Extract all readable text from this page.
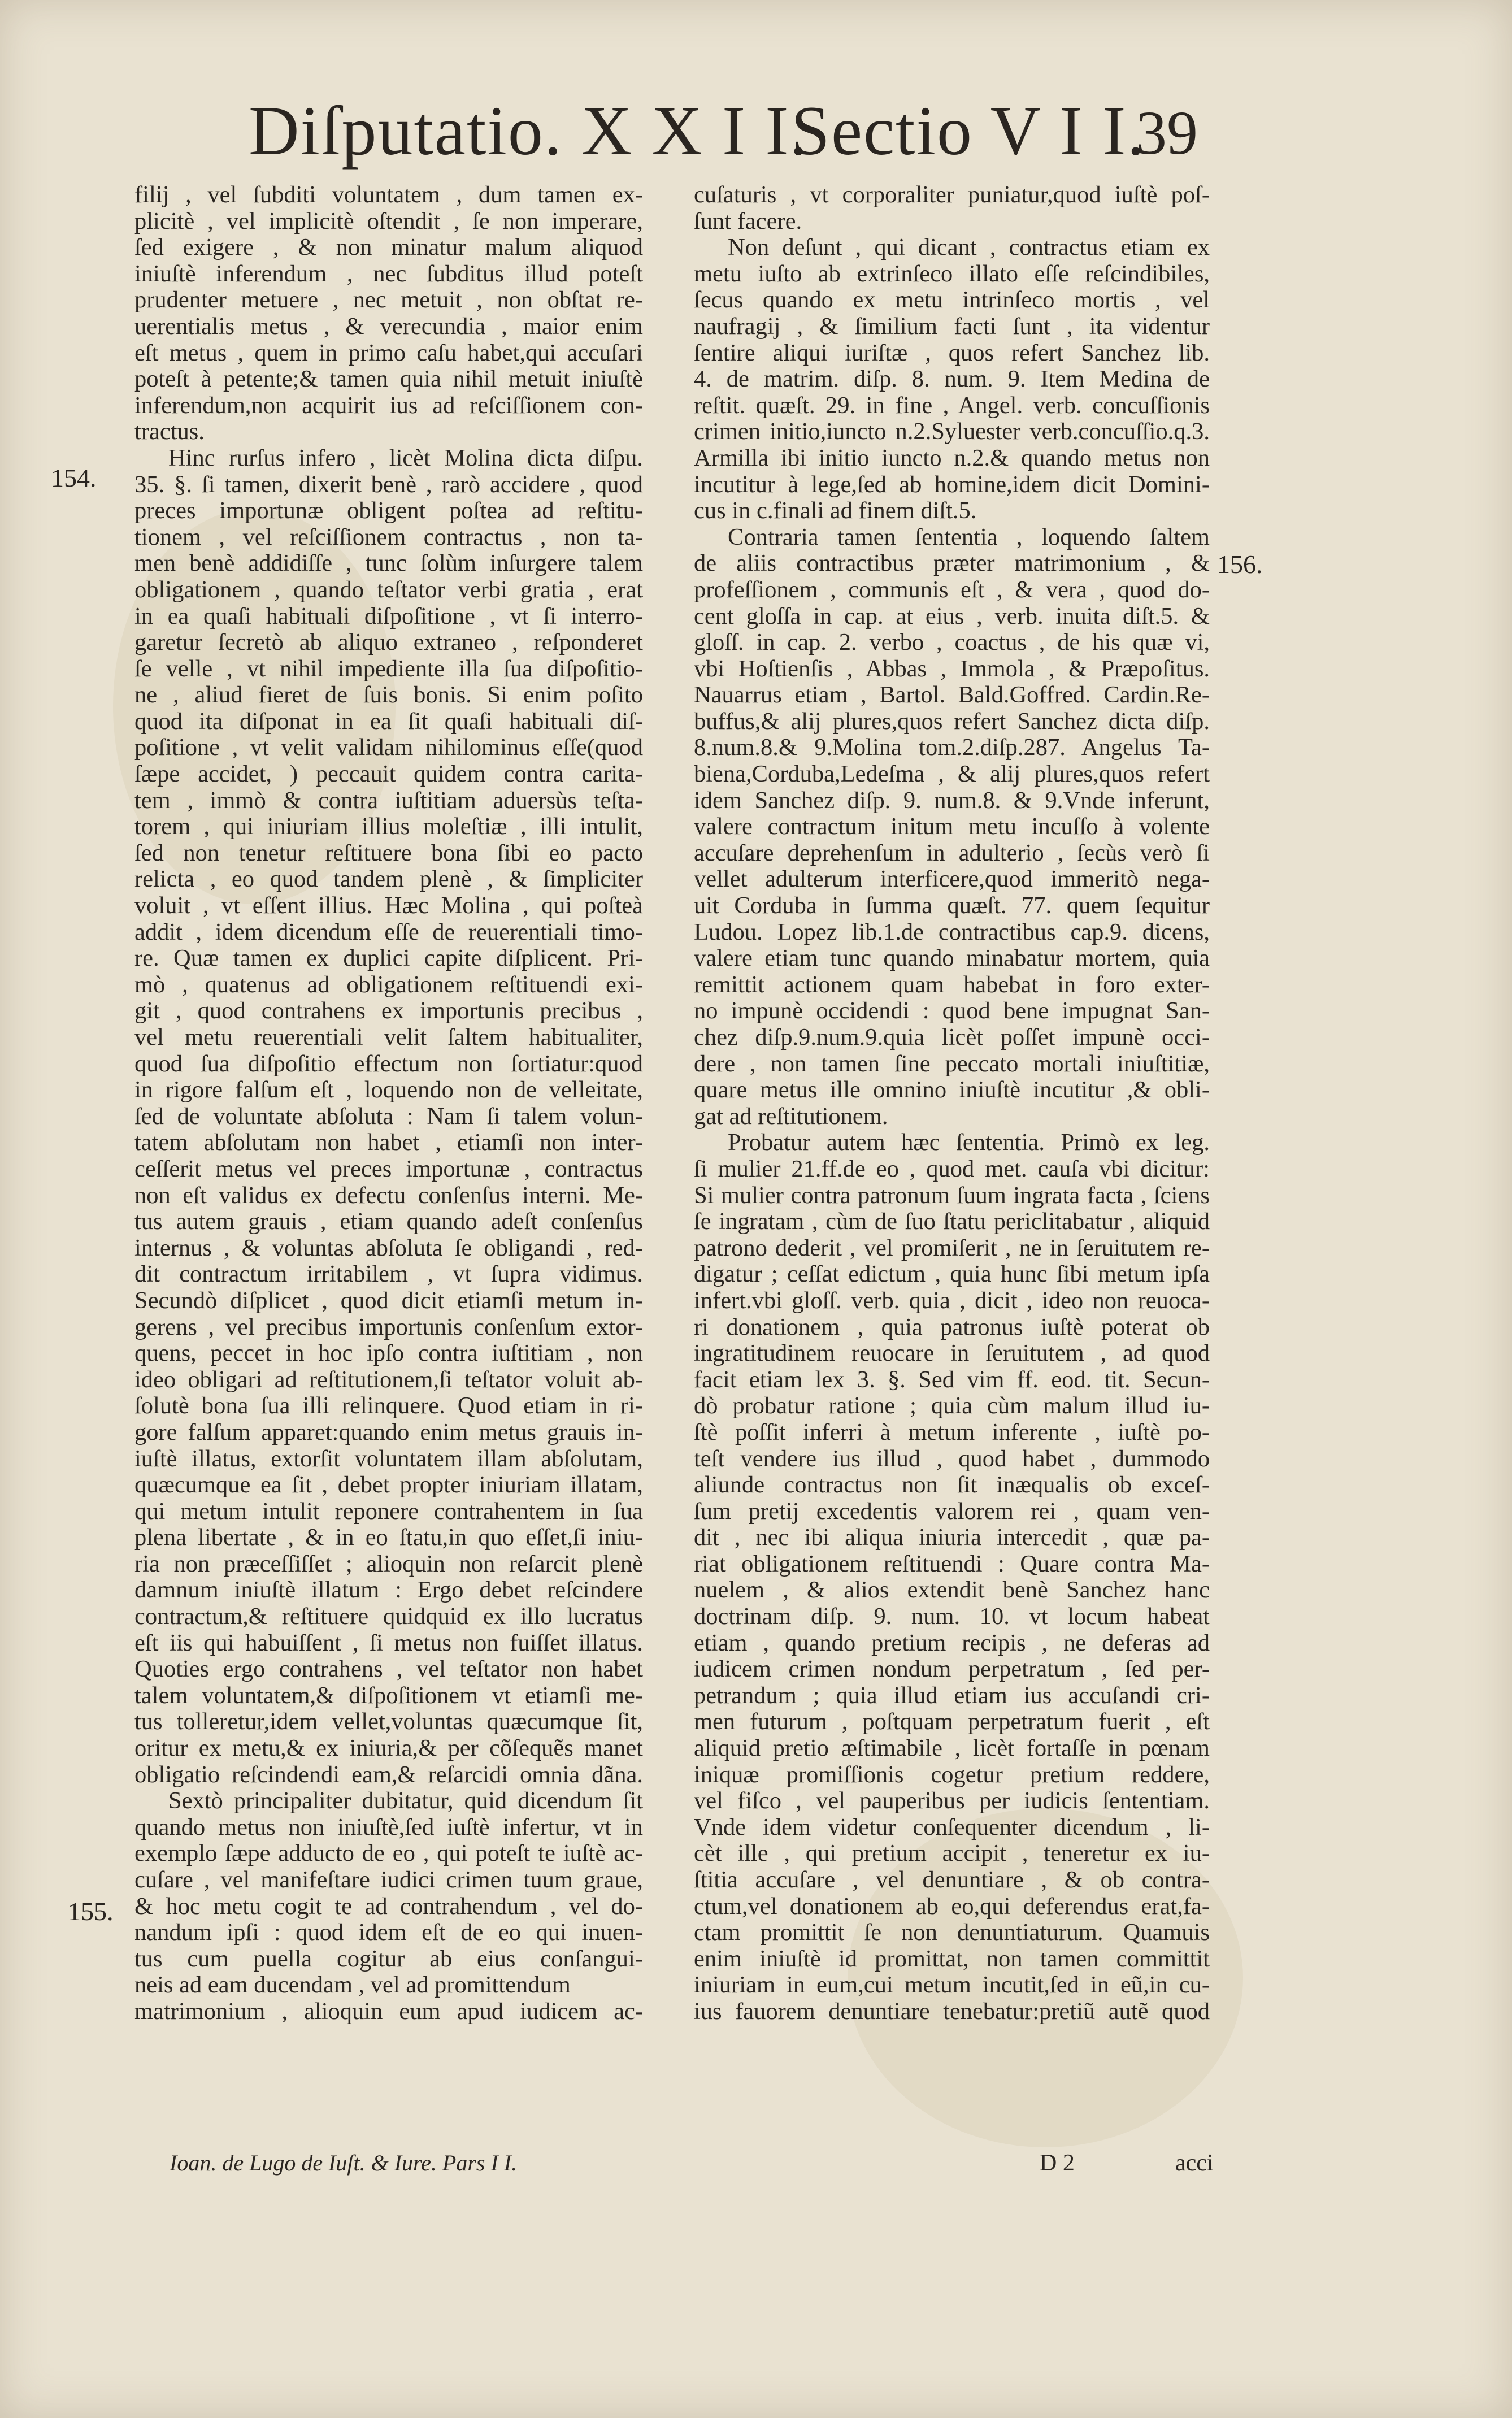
Diſputatio. X X I I.
Sectio V I I.
39
154.
156.
155.
filij , vel ſubditi voluntatem , dum tamen ex-
plicitè , vel implicitè oſtendit , ſe non imperare,
ſed exigere , & non minatur malum aliquod
iniuſtè inferendum , nec ſubditus illud poteſt
prudenter metuere , nec metuit , non obſtat re-
uerentialis metus , & verecundia , maior enim
eſt metus , quem in primo caſu habet,qui accuſari
poteſt à petente;& tamen quia nihil metuit iniuſtè
inferendum,non acquirit ius ad reſciſſionem con-
tractus.
Hinc rurſus infero , licèt Molina dicta diſpu.
35. §. ſi tamen, dixerit benè , rarò accidere , quod
preces importunæ obligent poſtea ad reſtitu-
tionem , vel reſciſſionem contractus , non ta-
men benè addidiſſe , tunc ſolùm inſurgere talem
obligationem , quando teſtator verbi gratia , erat
in ea quaſi habituali diſpoſitione , vt ſi interro-
garetur ſecretò ab aliquo extraneo , reſponderet
ſe velle , vt nihil impediente illa ſua diſpoſitio-
ne , aliud fieret de ſuis bonis. Si enim poſito
quod ita diſponat in ea ſit quaſi habituali diſ-
poſitione , vt velit validam nihilominus eſſe(quod
ſæpe accidet, ) peccauit quidem contra carita-
tem , immò & contra iuſtitiam aduersùs teſta-
torem , qui iniuriam illius moleſtiæ , illi intulit,
ſed non tenetur reſtituere bona ſibi eo pacto
relicta , eo quod tandem plenè , & ſimpliciter
voluit , vt eſſent illius. Hæc Molina , qui poſteà
addit , idem dicendum eſſe de reuerentiali timo-
re. Quæ tamen ex duplici capite diſplicent. Pri-
mò , quatenus ad obligationem reſtituendi exi-
git , quod contrahens ex importunis precibus ,
vel metu reuerentiali velit ſaltem habitualiter,
quod ſua diſpoſitio effectum non ſortiatur:quod
in rigore falſum eſt , loquendo non de velleitate,
ſed de voluntate abſoluta : Nam ſi talem volun-
tatem abſolutam non habet , etiamſi non inter-
ceſſerit metus vel preces importunæ , contractus
non eſt validus ex defectu conſenſus interni. Me-
tus autem grauis , etiam quando adeſt conſenſus
internus , & voluntas abſoluta ſe obligandi , red-
dit contractum irritabilem , vt ſupra vidimus.
Secundò diſplicet , quod dicit etiamſi metum in-
gerens , vel precibus importunis conſenſum extor-
quens, peccet in hoc ipſo contra iuſtitiam , non
ideo obligari ad reſtitutionem,ſi teſtator voluit ab-
ſolutè bona ſua illi relinquere. Quod etiam in ri-
gore falſum apparet:quando enim metus grauis in-
iuſtè illatus, extorſit voluntatem illam abſolutam,
quæcumque ea ſit , debet propter iniuriam illatam,
qui metum intulit reponere contrahentem in ſua
plena libertate , & in eo ſtatu,in quo eſſet,ſi iniu-
ria non præceſſiſſet ; alioquin non reſarcit plenè
damnum iniuſtè illatum : Ergo debet reſcindere
contractum,& reſtituere quidquid ex illo lucratus
eſt iis qui habuiſſent , ſi metus non fuiſſet illatus.
Quoties ergo contrahens , vel teſtator non habet
talem voluntatem,& diſpoſitionem vt etiamſi me-
tus tolleretur,idem vellet,voluntas quæcumque ſit,
oritur ex metu,& ex iniuria,& per cõſequẽs manet
obligatio reſcindendi eam,& reſarcidi omnia dãna.
Sextò principaliter dubitatur, quid dicendum ſit
quando metus non iniuſtè,ſed iuſtè infertur, vt in
exemplo ſæpe adducto de eo , qui poteſt te iuſtè ac-
cuſare , vel manifeſtare iudici crimen tuum graue,
& hoc metu cogit te ad contrahendum , vel do-
nandum ipſi : quod idem eſt de eo qui inuen-
tus cum puella cogitur ab eius conſangui-
neis ad eam ducendam , vel ad promittendum
matrimonium , alioquin eum apud iudicem ac-
cuſaturis , vt corporaliter puniatur,quod iuſtè poſ-
ſunt facere.
Non deſunt , qui dicant , contractus etiam ex
metu iuſto ab extrinſeco illato eſſe reſcindibiles,
ſecus quando ex metu intrinſeco mortis , vel
naufragij , & ſimilium facti ſunt , ita videntur
ſentire aliqui iuriſtæ , quos refert Sanchez lib.
4. de matrim. diſp. 8. num. 9. Item Medina de
reſtit. quæſt. 29. in fine , Angel. verb. concuſſionis
crimen initio,iuncto n.2.Syluester verb.concuſſio.q.3.
Armilla ibi initio iuncto n.2.& quando metus non
incutitur à lege,ſed ab homine,idem dicit Domini-
cus in c.finali ad finem diſt.5.
Contraria tamen ſententia , loquendo ſaltem
de aliis contractibus præter matrimonium , &
profeſſionem , communis eſt , & vera , quod do-
cent gloſſa in cap. at eius , verb. inuita diſt.5. &
gloſſ. in cap. 2. verbo , coactus , de his quæ vi,
vbi Hoſtienſis , Abbas , Immola , & Præpoſitus.
Nauarrus etiam , Bartol. Bald.Goffred. Cardin.Re-
buffus,& alij plures,quos refert Sanchez dicta diſp.
8.num.8.& 9.Molina tom.2.diſp.287. Angelus Ta-
biena,Corduba,Ledeſma , & alij plures,quos refert
idem Sanchez diſp. 9. num.8. & 9.Vnde inferunt,
valere contractum initum metu incuſſo à volente
accuſare deprehenſum in adulterio , ſecùs verò ſi
vellet adulterum interficere,quod immeritò nega-
uit Corduba in ſumma quæſt. 77. quem ſequitur
Ludou. Lopez lib.1.de contractibus cap.9. dicens,
valere etiam tunc quando minabatur mortem, quia
remittit actionem quam habebat in foro exter-
no impunè occidendi : quod bene impugnat San-
chez diſp.9.num.9.quia licèt poſſet impunè occi-
dere , non tamen ſine peccato mortali iniuſtitiæ,
quare metus ille omnino iniuſtè incutitur ,& obli-
gat ad reſtitutionem.
Probatur autem hæc ſententia. Primò ex leg.
ſi mulier 21.ff.de eo , quod met. cauſa vbi dicitur:
Si mulier contra patronum ſuum ingrata facta , ſciens
ſe ingratam , cùm de ſuo ſtatu periclitabatur , aliquid
patrono dederit , vel promiſerit , ne in ſeruitutem re-
digatur ; ceſſat edictum , quia hunc ſibi metum ipſa
infert.vbi gloſſ. verb. quia , dicit , ideo non reuoca-
ri donationem , quia patronus iuſtè poterat ob
ingratitudinem reuocare in ſeruitutem , ad quod
facit etiam lex 3. §. Sed vim ff. eod. tit. Secun-
dò probatur ratione ; quia cùm malum illud iu-
ſtè poſſit inferri à metum inferente , iuſtè po-
teſt vendere ius illud , quod habet , dummodo
aliunde contractus non ſit inæqualis ob exceſ-
ſum pretij excedentis valorem rei , quam ven-
dit , nec ibi aliqua iniuria intercedit , quæ pa-
riat obligationem reſtituendi : Quare contra Ma-
nuelem , & alios extendit benè Sanchez hanc
doctrinam diſp. 9. num. 10. vt locum habeat
etiam , quando pretium recipis , ne deferas ad
iudicem crimen nondum perpetratum , ſed per-
petrandum ; quia illud etiam ius accuſandi cri-
men futurum , poſtquam perpetratum fuerit , eſt
aliquid pretio æſtimabile , licèt fortaſſe in pœnam
iniquæ promiſſionis cogetur pretium reddere,
vel fiſco , vel pauperibus per iudicis ſententiam.
Vnde idem videtur conſequenter dicendum , li-
cèt ille , qui pretium accipit , teneretur ex iu-
ſtitia accuſare , vel denuntiare , & ob contra-
ctum,vel donationem ab eo,qui deferendus erat,fa-
ctam promittit ſe non denuntiaturum. Quamuis
enim iniuſtè id promittat, non tamen committit
iniuriam in eum,cui metum incutit,ſed in eũ,in cu-
ius fauorem denuntiare tenebatur:pretiũ autẽ quod
Ioan. de Lugo de Iuſt. & Iure. Pars I I.	D 2	acci
